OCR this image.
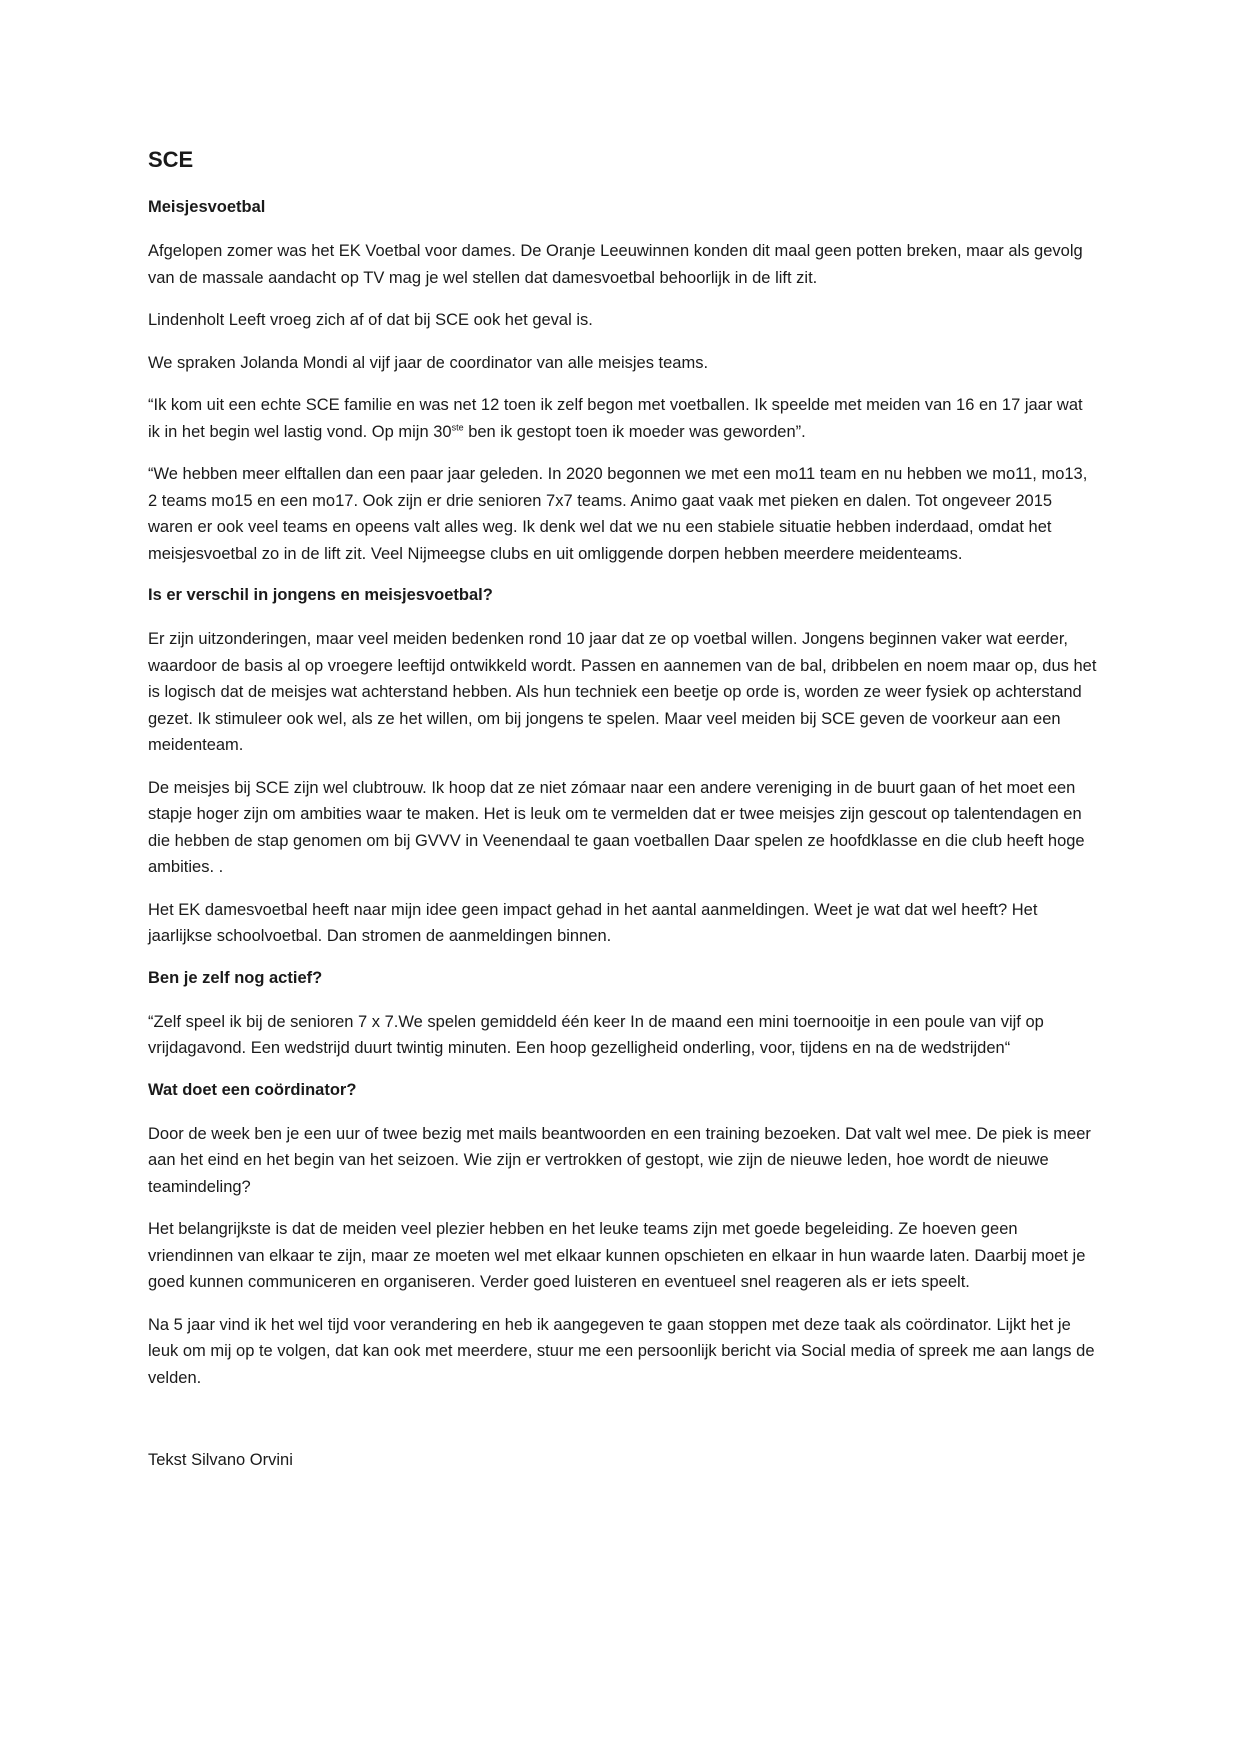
SCE
Meisjesvoetbal

Afgelopen zomer was het EK Voetbal voor dames. De Oranje Leeuwinnen konden dit maal geen potten breken, maar als gevolg van de massale aandacht op TV mag je wel stellen dat damesvoetbal behoorlijk in de lift zit.

Lindenholt Leeft vroeg zich af of dat bij SCE ook het geval is.

We spraken Jolanda Mondi al vijf jaar de coordinator van alle meisjes teams.

“Ik kom uit een echte SCE familie en was net 12 toen ik zelf begon met voetballen. Ik speelde met meiden van 16 en 17 jaar wat ik in het begin wel lastig vond. Op mijn 30ste ben ik gestopt toen ik moeder was geworden”.

“We hebben meer elftallen dan een paar jaar geleden. In 2020 begonnen we met een mo11 team en nu hebben we mo11, mo13, 2 teams mo15 en een mo17. Ook zijn er drie senioren 7x7 teams. Animo gaat vaak met pieken en dalen. Tot ongeveer 2015 waren er ook veel teams en opeens valt alles weg. Ik denk wel dat we nu een stabiele situatie hebben inderdaad, omdat het meisjesvoetbal zo in de lift zit. Veel Nijmeegse clubs en uit omliggende dorpen hebben meerdere meidenteams.

Is er verschil in jongens en meisjesvoetbal?

Er zijn uitzonderingen, maar veel meiden bedenken rond 10 jaar dat ze op voetbal willen. Jongens beginnen vaker wat eerder, waardoor de basis al op vroegere leeftijd ontwikkeld wordt. Passen en aannemen van de bal, dribbelen en noem maar op, dus het is logisch dat de meisjes wat achterstand hebben. Als hun techniek een beetje op orde is, worden ze weer fysiek op achterstand gezet. Ik stimuleer ook wel, als ze het willen, om bij jongens te spelen. Maar veel meiden bij SCE geven de voorkeur aan een meidenteam.

De meisjes bij SCE zijn wel clubtrouw. Ik hoop dat ze niet zómaar naar een andere vereniging in de buurt gaan of het moet een stapje hoger zijn om ambities waar te maken. Het is leuk om te vermelden dat er twee meisjes zijn gescout op talentendagen en die hebben de stap genomen om bij GVVV in Veenendaal te gaan voetballen Daar spelen ze hoofdklasse en die club heeft hoge ambities. .

Het EK damesvoetbal heeft naar mijn idee geen impact gehad in het aantal aanmeldingen. Weet je wat dat wel heeft? Het jaarlijkse schoolvoetbal. Dan stromen de aanmeldingen binnen.

Ben je zelf nog actief?

“Zelf speel ik bij de senioren 7 x 7.We spelen gemiddeld één keer In de maand een mini toernooitje in een poule van vijf op vrijdagavond. Een wedstrijd duurt twintig minuten. Een hoop gezelligheid onderling, voor, tijdens en na de wedstrijden“

Wat doet een coördinator?

Door de week ben je een uur of twee bezig met mails beantwoorden en een training bezoeken. Dat valt wel mee. De piek is meer aan het eind en het begin van het seizoen. Wie zijn er vertrokken of gestopt, wie zijn de nieuwe leden, hoe wordt de nieuwe teamindeling?

Het belangrijkste is dat de meiden veel plezier hebben en het leuke teams zijn met goede begeleiding. Ze hoeven geen vriendinnen van elkaar te zijn, maar ze moeten wel met elkaar kunnen opschieten en elkaar in hun waarde laten. Daarbij moet je goed kunnen communiceren en organiseren. Verder goed luisteren en eventueel snel reageren als er iets speelt.

Na 5 jaar vind ik het wel tijd voor verandering en heb ik aangegeven te gaan stoppen met deze taak als coördinator. Lijkt het je leuk om mij op te volgen, dat kan ook met meerdere, stuur me een persoonlijk bericht via Social media of spreek me aan langs de velden.

Tekst Silvano Orvini
